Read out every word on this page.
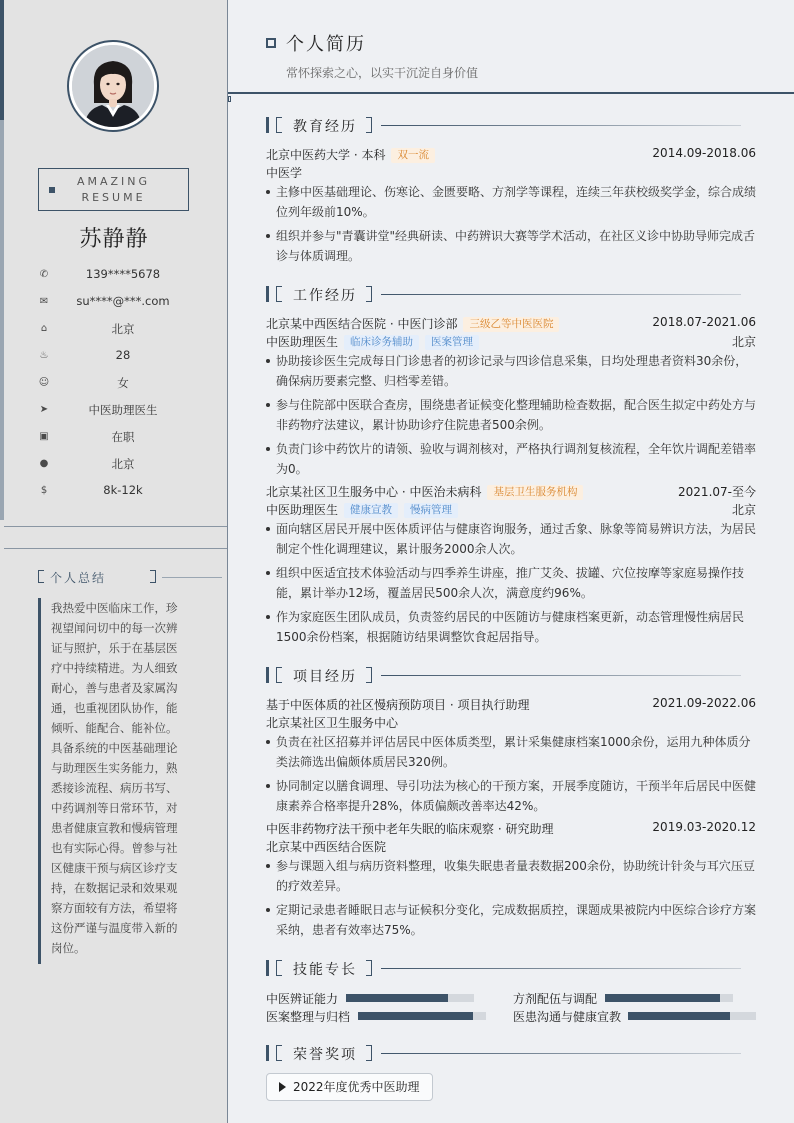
AMAZING
RESUME
苏静静
✆	139****5678
✉	su****@***.com
⌂	北京
♨	28
☺	女
➤	中医助理医生
▣	在职
●	北京
$	8k-12k
个人总结
我热爱中医临床工作，珍视望闻问切中的每一次辨证与照护，乐于在基层医疗中持续精进。为人细致耐心，善与患者及家属沟通，也重视团队协作，能倾听、能配合、能补位。具备系统的中医基础理论与助理医生实务能力，熟悉接诊流程、病历书写、中药调剂等日常环节，对患者健康宣教和慢病管理也有实际心得。曾参与社区健康干预与病区诊疗支持，在数据记录和效果观察方面较有方法，希望将这份严谨与温度带入新的岗位。
个人简历
常怀探索之心，以实干沉淀自身价值
教育经历
北京中医药大学 · 本科 双一流	2014.09-2018.06
中医学
主修中医基础理论、伤寒论、金匮要略、方剂学等课程，连续三年获校级奖学金，综合成绩位列年级前10%。
组织并参与"青囊讲堂"经典研读、中药辨识大赛等学术活动，在社区义诊中协助导师完成舌诊与体质调理。
工作经历
北京某中西医结合医院 · 中医门诊部 三级乙等中医医院	2018.07-2021.06
中医助理医生 临床诊务辅助 医案管理	北京
协助接诊医生完成每日门诊患者的初诊记录与四诊信息采集，日均处理患者资料30余份，确保病历要素完整、归档零差错。
参与住院部中医联合查房，围绕患者证候变化整理辅助检查数据，配合医生拟定中药处方与非药物疗法建议，累计协助诊疗住院患者500余例。
负责门诊中药饮片的请领、验收与调剂核对，严格执行调剂复核流程，全年饮片调配差错率为0。
北京某社区卫生服务中心 · 中医治未病科 基层卫生服务机构	2021.07-至今
中医助理医生 健康宣教 慢病管理	北京
面向辖区居民开展中医体质评估与健康咨询服务，通过舌象、脉象等简易辨识方法，为居民制定个性化调理建议，累计服务2000余人次。
组织中医适宜技术体验活动与四季养生讲座，推广艾灸、拔罐、穴位按摩等家庭易操作技能，累计举办12场，覆盖居民500余人次，满意度约96%。
作为家庭医生团队成员，负责签约居民的中医随访与健康档案更新，动态管理慢性病居民1500余份档案，根据随访结果调整饮食起居指导。
项目经历
基于中医体质的社区慢病预防项目 · 项目执行助理	2021.09-2022.06
北京某社区卫生服务中心
负责在社区招募并评估居民中医体质类型，累计采集健康档案1000余份，运用九种体质分类法筛选出偏颇体质居民320例。
协同制定以膳食调理、导引功法为核心的干预方案，开展季度随访，干预半年后居民中医健康素养合格率提升28%，体质偏颇改善率达42%。
中医非药物疗法干预中老年失眠的临床观察 · 研究助理	2019.03-2020.12
北京某中西医结合医院
参与课题入组与病历资料整理，收集失眠患者量表数据200余份，协助统计针灸与耳穴压豆的疗效差异。
定期记录患者睡眠日志与证候积分变化，完成数据质控，课题成果被院内中医综合诊疗方案采纳，患者有效率达75%。
技能专长
中医辨证能力	方剂配伍与调配
医案整理与归档	医患沟通与健康宣教
荣誉奖项
2022年度优秀中医助理
